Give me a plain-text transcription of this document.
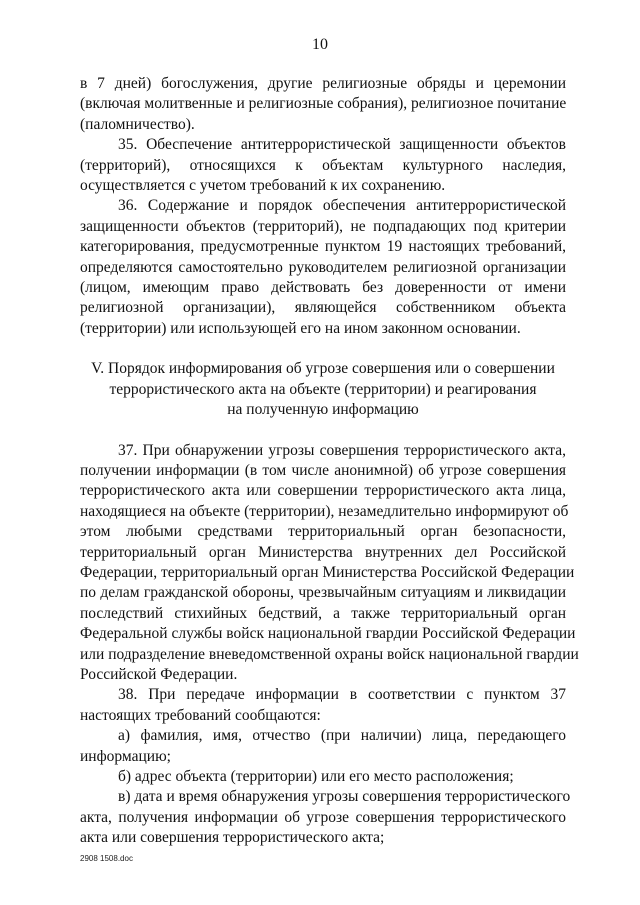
10
в 7 дней) богослужения, другие религиозные обряды и церемонии
(включая молитвенные и религиозные собрания), религиозное почитание
(паломничество).
35. Обеспечение антитеррористической защищенности объектов
(территорий), относящихся к объектам культурного наследия,
осуществляется с учетом требований к их сохранению.
36. Содержание и порядок обеспечения антитеррористической
защищенности объектов (территорий), не подпадающих под критерии
категорирования, предусмотренные пунктом 19 настоящих требований,
определяются самостоятельно руководителем религиозной организации
(лицом, имеющим право действовать без доверенности от имени
религиозной организации), являющейся собственником объекта
(территории) или использующей его на ином законном основании.
V. Порядок информирования об угрозе совершения или о совершении
террористического акта на объекте (территории) и реагирования
на полученную информацию
37. При обнаружении угрозы совершения террористического акта,
получении информации (в том числе анонимной) об угрозе совершения
террористического акта или совершении террористического акта лица,
находящиеся на объекте (территории), незамедлительно информируют об
этом любыми средствами территориальный орган безопасности,
территориальный орган Министерства внутренних дел Российской
Федерации, территориальный орган Министерства Российской Федерации
по делам гражданской обороны, чрезвычайным ситуациям и ликвидации
последствий стихийных бедствий, а также территориальный орган
Федеральной службы войск национальной гвардии Российской Федерации
или подразделение вневедомственной охраны войск национальной гвардии
Российской Федерации.
38. При передаче информации в соответствии с пунктом 37
настоящих требований сообщаются:
а) фамилия, имя, отчество (при наличии) лица, передающего
информацию;
б) адрес объекта (территории) или его место расположения;
в) дата и время обнаружения угрозы совершения террористического
акта, получения информации об угрозе совершения террористического
акта или совершения террористического акта;
2908 1508.doc
